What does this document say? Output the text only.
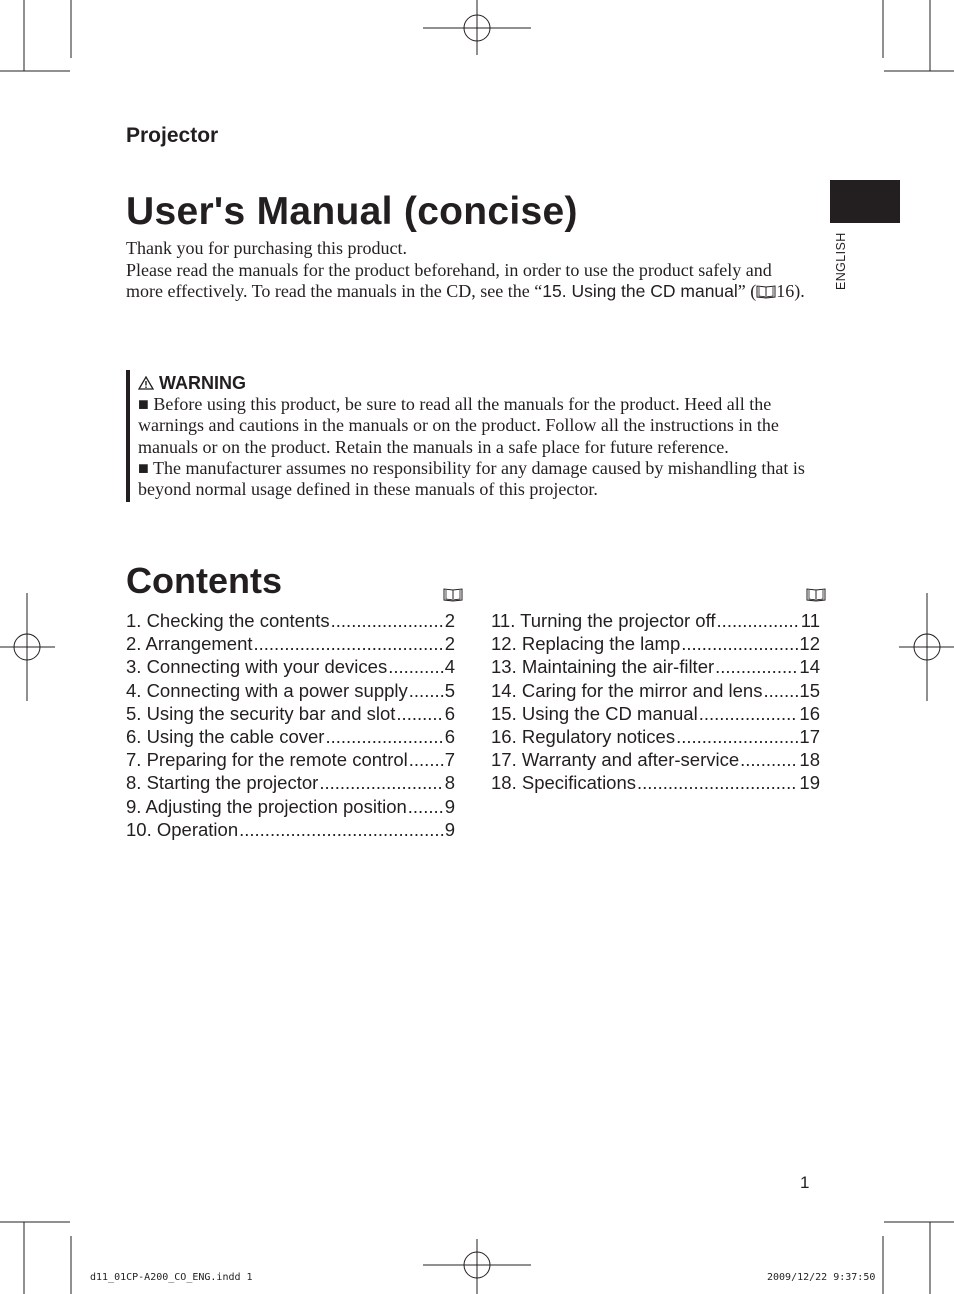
Projector
User's Manual (concise)
ENGLISH
Thank you for purchasing this product.
Please read the manuals for the product beforehand, in order to use the product safely and more effectively. To read the manuals in the CD, see the “15. Using the CD manual” ( 16).
WARNING
■ Before using this product, be sure to read all the manuals for the product. Heed all the warnings and cautions in the manuals or on the product. Follow all the instructions in the manuals or on the product. Retain the manuals in a safe place for future reference.
■ The manufacturer assumes no responsibility for any damage caused by mishandling that is beyond normal usage defined in these manuals of this projector.
Contents
1. Checking the contents .....	2
2. Arrangement .....	2
3. Connecting with your devices .....	4
4. Connecting with a power supply ..... 5
5. Using the security bar and slot .....	6
6. Using the cable cover .....	6
7. Preparing for the remote control ..... 7
8. Starting the projector .....	8
9. Adjusting the projection position ..... 9
10. Operation .....	9
11. Turning the projector off .....	11
12. Replacing the lamp .....	12
13. Maintaining the air-filter .....	14
14. Caring for the mirror and lens ..... 15
15. Using the CD manual .....	16
16. Regulatory notices .....	17
17. Warranty and after-service .....	18
18. Specifications .....	19
1
d11_01CP-A200_CO_ENG.indd 1	2009/12/22 9:37:50
